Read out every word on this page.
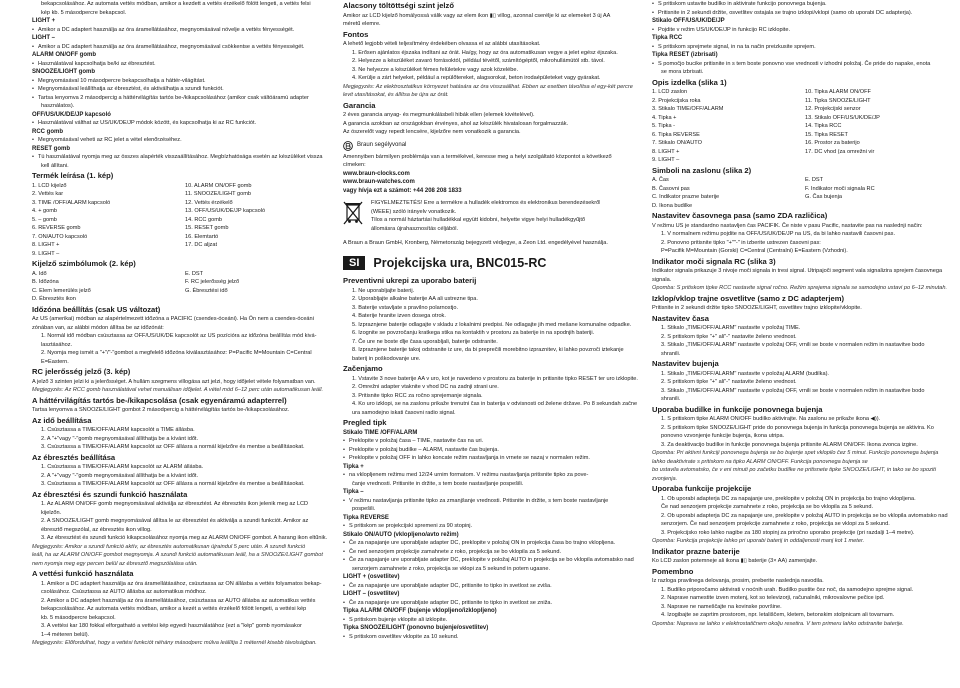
bekapcsolásához. Az automata vettés módban, amikor a kezdett a vettés érzékelő fölött lengeti, a vettés felsi
kép kb. 5 másodpercre bekapcsol.
LIGHT +
• Amikor a DC adaptert használja az óra áramellátásához, megnyomásával növelje a vettés fényességét.
LIGHT –
• Amikor a DC adaptert használja az óra áramellátásához, megnyomásával csökkentse a vettés fényességét.
ALARM ON/OFF gomb
• Használatával kapcsolhatja be/ki az ébresztést.
SNOOZE/LIGHT gomb
• Megnyomásával 10 másodpercre bekapcsolhatja a háttér-világítást.
• Megnyomásával leállíthatja az ébresztést, és aktiválhatja a szundi funkciót.
• Tartsa lenyomva 2 másodpercig a háttérvilágítás tartós be-/kikapcsolásához (amikor csak váltóáramú adapter
használatos).
OFF/US/UK/DE/JP kapcsoló
• Használatával válthat az US/UK/DE/JP módok között, és kapcsolhatja ki az RC funkciót.
RCC gomb
• Megnyomásával veheti az RC jelet a vétel elenőrzéséhez.
RESET gomb
• Tú használatával nyomja meg az összes alapérték visszaállításához. Megbízhatósága esetén az készüléket vissza
kell állítani.
Termék leírása (1. kép)
1. LCD kijelző
2. Vettés kar
3. TIME /OFF/ALARM kapcsoló
4. + gomb
5. – gomb
6. REVERSE gomb
7. ON/AUTO kapcsoló
8. LIGHT +
9. LIGHT –
10. ALARM ON/OFF gomb
11. SNOOZE/LIGHT gomb
12. Vettés érzékelő
13. OFF/US/UK/DE/JP kapcsoló
14. RCC gomb
15. RESET gomb
16. Elemtartó
17. DC aljzat
Kijelző szimbólumok (2. kép)
A. Idő
B. Időzóna
C. Elem lemerülés jelző
D. Ébresztés ikon
E. DST
F. RC jelerősség jelző
G. Ébresztési idő
Időzóna beállítás (csak US változat)
Az US (amerikai) módban az alapértelmezett időzóna a PACIFIC (csendes-óceáni). Ha Ön nem a csendes-óceáni
zónában van, az alábbi módon állítsa be az időzónát:
1. Normál idő módban csúsztassa az OFF/US/UK/DE kapcsolót az US pozícióra az időzóna beállítás mód kivá-
lasztásához.
2. Nyomja meg ismét a "+"/"-"gombot a megfelelő időzóna kiválasztásához: P=Pacific M=Mountain C=Central
E=Eastern.
RC jelerősség jelző (3. kép)
A jelző 3 szinten jelzi ki a jelerősséget. A hullám szegmens villogása azt jelzi, hogy időjelet vétele folyamatban van.
Megjegyzés: Az RCC gomb használatával vehet manuálisan időjelet. A vétel mód 6–12 perc után automatikusan leáll.
A háttérvilágítás tartós be-/kikapcsolása (csak egyenáramú adapterrel)
Tartsa lenyomva a SNOOZE/LIGHT gombot 2 másodpercig a háttérvilágítás tartós be-/kikapcsolásához.
Az idő beállítása
1. Csúsztassa a TIME/OFF/ALARM kapcsolót a TIME állásba.
2. A "+"vagy "-"gomb megnyomásával állíthatja be a kívánt időt.
3. Csúsztassa a TIME/OFF/ALARM kapcsolót az OFF állásra a normál kijelzőre és mentse a beállításokat.
Az ébresztés beállítása
1. Csúsztassa a TIME/OFF/ALARM kapcsolót az ALARM állásba.
2. A "+"vagy "-"gomb megnyomásával állíthatja be a kívánt időt.
3. Csúsztassa a TIME/OFF/ALARM kapcsolót az OFF állásra a normál kijelzőre és mentse a beállításokat.
Az ébresztési és szundi funkció használata
1. Az ALARM ON/OFF gomb megnyomásával aktiválja az ébresztést. Az ébresztés ikon jelenik meg az LCD
kijelzőn.
2. A SNOOZE/LIGHT gomb megnyomásával állítsa le az ébresztést és aktiválja a szundi funkciót. Amikor az
ébresztő megszólal, az ébresztés ikon villog.
3. Az ébresztést és szundi funkció kikapcsolásához nyomja meg az ALARM ON/OFF gombot. A harang ikon eltűnik.
Megjegyzés: Amikor a szundi funkció aktív, az ébresztés automatikusan újraindul 5 perc után. A szundi funkció
leáll, ha az ALARM ON/OFF gombot megnyomja. A szundi funkció automatikusan leáll, ha a SNOOZE/LIGHT gombot
nem nyomja meg egy percen belül az ébresztő megszólalása után.
A vettési funkció használata
1. Amikor a DC adaptert használja az óra áramellátásához, csúsztassa az ON állásba a vettés folyamatos bekap-
csolásához. Csúsztassa az AUTO állásba az automatikus módhoz.
2. Amikor a DC adaptert használja az óra áramellátásához, csúsztassa az AUTO állásba az automatikus vettés
bekapcsolásához. Az automata vettés módban, amikor a kezét a vettés érzékelő fölött lengeti, a vettési kép
kb. 5 másodpercre bekapcsol.
3. A vettési kar 180 fokkal elforgatható a vettési kép egyedi használatához (ezt a "kép" gomb nyomásakor
1–4 méteren belül).
Megjegyzés: Előfordulhat, hogy a vettési funkciót néhány másodperc múlva leállítja 1 méternél kisebb távolságban.
Alacsony töltöttségi szint jelző
Amikor az LCD kijelző homályossá válik vagy az elem ikon ▮▯ villog, azonnal cserélje ki az elemeket 3 új AA
méretű elemre.
Fontos
A lehető legjobb vételi teljesítmény érdekében olvassa el az alábbi utasításokat.
1. Erősen ajánlatos éjszaka indítani az órát. Ha/gy, hogy az óra automatikusan vegye a jelet egész éjszaka.
2. Helyezze a készüléket zavaró forrásoktól, például tévétől, számítógéptől, mikrohullámútól stb. távol.
3. Ne helyezze a készüléket fémes felületekre vagy azok közelébe.
4. Kerülje a zárt helyeket, például a repülőtereket, alagsorokat, beton irodaépületeket vagy gyárakat.
Megjegyzés: Az elektrosztatikus környezet hatására az óra visszaállhat. Ebben az esetben távolítsa el egy-két percre
levit utasításokat, és állítsa be újra az órát.
Garancia
2 éves garancia anyag- és megmunkálásbeli hibák ellen (elemek kivételével).
A garancia azokban az országokban érvényes, ahol az készülék hivatalosan forgalmazzák.
Az ószerelőt vagy repedt lencsére, kijelzőre nem vonatkozik a garancia.
Braun segélyvonal
Amennyiben bármilyen problémája van a termékével, keresse meg a helyi szolgáltató központot a következő
címeken:
www.braun-clocks.com
www.braun-watches.com
vagy hívja ezt a számot: +44 208 208 1833
FIGYELMEZTETÉS! Erre a termékre a hulladék elektromos és elektronikus berendezésekről
(WEEE) szóló irányelv vonatkozik.
Tilos a normál háztartási hulladékkal együtt kidobni, helyette vigye helyi hulladékgyűjtő
állomásra újrahasznosítás céljából.
A Braun a Braun GmbH, Kronberg, Németország bejegyzett védjegye, a Zeon Ltd. engedélyével használja.
SI	Projekcijska ura, BNC015-RC
Preventivni ukrepi za uporabo baterij
1. Ne uporabljajte baterij.
2. Uporabljajte alkalne baterije AA ali ustrezne tipa.
3. Baterije vstavljate s pravilno polarnostjo.
4. Baterije hranite izven dosega otrok.
5. Izpraznjene baterije odlagajte v skladu z lokalnimi predpisi. Ne odlagajte jih med mešane komunalne odpadke.
6. Izognite se povzročanju kratkega stika na kontaktih v prostoru za baterije in na spodnjih bateriji.
7. Če ure ne boste dlje časa uporabljali, baterije odstranite.
8. Izpraznjene baterije takoj odstranite iz ure, da bi preprečili morebitno izpraznitev, ki lahko povzroči iztekanje
baterij in poškodovanje ure.
Začenjamo
1. Vstavite 3 nove baterije AA v uro, kot je navedeno v prostoru za baterije in pritisnite tipko RESET ter uro izklopite.
2. Omrežni adapter vtaknite v vhod DC na zadnji strani ure.
3. Pritisnite tipko RCC za ročno sprejemanje signala.
4. Ko uro izklopi, se na zaslonu prikaže trenutni čas in baterija v odvisnosti od želene države. Po 8 sekundah začne
ura samodejno iskati časovni radio signal.
Pregled tipk
Stikalo TIME /OFF/ALARM
• Preklopite v položaj časa – TIME, nastavite čas na uri.
• Preklopite v položaj budilke – ALARM, nastavite čas bujenja.
• Preklopite v položaj OFF in lahko koncate režim nastavljanja in vrnete se nazaj v normalen režim.
Tipka +
• na vklopljenem režimu med 12/24 urnim formatom. V režimu nastavljanja pritisnite tipko za pove-
čanje vrednosti. Pritisnite in držite, s tem boste nastavljanje pospešili.
Tipka –
• V režimu nastavljanja pritisnite tipko za zmanjšanje vrednosti. Pritisnite in držite, s tem boste nastavljanje
pospešili.
Tipka REVERSE
• S pritiskom se projekcijski spremeni za 90 stopinj.
Stikalo ON/AUTO (vklopljeno/avto režim)
• Če za napajanje ure uporabljate adapter DC, preklopite v položaj ON in projekcija časa bo trajno vklopljena.
• Če ned senzorjem projekcije zamahnete z roko, projekcija se bo vklopila za 5 sekund.
• Če za napajanje ure uporabljate adapter DC, preklopite v položaj AUTO in projekcija se bo vklopila avtomatsko nad
senzorjem zamahnete z roko, projekcija se vklopi za 5 sekund in potem ugasne.
LIGHT + (osvetlitev)
• Če za napajanje ure uporabljate adapter DC, pritisnite to tipko in svetlost se zviša.
LIGHT – (osvetlitev)
• Če za napajanje ure uporabljate adapter DC, pritisnite to tipko in svetlost se zniža.
Tipka ALARM ON/OFF (bujenje vklopljeno/izklopljeno)
• S pritiskom bujenje vklopite ali izklopite.
Tipka SNOOZE/LIGHT (ponovno bujenje/osvetlitev)
• S pritiskom osvetlitev vklopite za 10 sekund.
• S pritiskom ustavite budilko in aktivirate funkcijo ponovnega bujenja.
• Pritisnite in 2 sekundi držite, osvetlitev ostajala se trajno izklopi/vklopi (samo ob uporabi DC adapterja).
Stikalo OFF/US/UK/DE/JP
• Pojdite v režim US/UK/DE/JP in funkcijo RC izklopite.
Tipka RCC
• S pritiskom sprejmete signal, in na ta način preizkusite sprejem.
Tipka RESET (izbrisati)
• S pomočjo bucike pritisnite in s tem boste ponovno vse vrednosti v izhodni položaj. Če pride do napake, enota
se mora izbrisati.
Opis izdelka (slika 1)
1. LCD zaslon
2. Projekcijska roka
3. Stikalo TIME/OFF/ALARM
4. Tipka +
5. Tipka -
6. Tipka REVERSE
7. Stikalo ON/AUTO
8. LIGHT +
9. LIGHT –
10. Tipka ALARM ON/OFF
11. Tipka SNOOZE/LIGHT
12. Projekcijski senzor
13. Stikalo OFF/US/UK/DE/JP
14. Tipka RCC
15. Tipka RESET
16. Prostor za baterijo
17. DC vhod (za omrežni vir
Simboli na zaslonu (slika 2)
A. Čas
B. Časovni pas
C. Indikator prazne baterije
D. Ikona budilke
E. DST
F. Indikator moči signala RC
G. Čas bujenja
Nastavitev časovnega pasa (samo ZDA različica)
V režimu US je standardno nastavljen čas PACIFIK. Če niste v pasu Pacific, nastavite pas na naslednji način:
1. V normalnem režimu pojdite na OFF/US/UK/DE/JP na US, da bi lahko nastavili časovni pas.
2. Ponovno pritisnite tipko "+""-" in izberite ustrezen časovni pas:
P=Pacifik M=Mountain (Gorski) C=Central (Centralni) E=Eastern (Vzhodni).
Indikator moči signala RC (slika 3)
Indikator signala prikazuje 3 nivoje moči signala in tresi signal. Utripajoči segment vala signalizira sprejem časovnega
signala.
Opomba: S pritiskom tipke RCC nastavite signal ročno. Režim sprejema signala se samodejno ustavi po 6–12 minutah.
Izklop/vklop trajne osvetlitve (samo z DC adapterjem)
Pritisnite in 2 sekundi držite tipko SNOOZE/LIGHT, osvetlitev trajno izklopite/vklopite.
Nastavitev časa
1. Stikalo „TIME/OFF/ALARM" nastavite v položaj TIME.
2. S pritiskom tipke "+" ali"-" nastavite želeno vrednost.
3. Stikalo „TIME/OFF/ALARM" nastavite v položaj OFF, vrnili se boste v normalen režim in nastavitve bodo
shranili.
Nastavitev bujenja
1. Stikalo „TIME/OFF/ALARM" nastavite v položaj ALARM (budilka).
2. S pritiskom tipke "+" ali"-" nastavite želeno vrednost.
3. Stikalo „TIME/OFF/ALARM" nastavite v položaj OFF, vrnili se boste v normalen režim in nastavitve bodo
shranili.
Uporaba budilke in funkcije ponovnega bujenja
1. S pritiskom tipke ALARM ON/OFF budilko aktivirajte. Na zaslonu se prikaže ikona ◀)).
2. S pritiskom tipke SNOOZE/LIGHT pride do ponovnega bujenja in funkcija ponovnega bujenja se aktivira. Ko
ponovno vzvonjenje funkcije bujenja, ikona utripa.
3. Za deaktivacijo budilke in funkcije ponovnega bujenja pritisnite ALARM ON/OFF. Ikona zvonca izgine.
Opomba: Pri aktivni funkciji ponovnega bujenja se bo bujenje spet vklopilo čez 5 minut. Funkcijo ponovnega bujenja
lahko deaktivirate s pritiskom na tipko ALARM ON/OFF. Funkcija ponovnega bujenja se
bo ustavila avtomatsko, če v eni minuti po začetku budilke ne pritisnete tipke SNOOZE/LIGHT, in tako se bo spoziti
zvonjenja.
Uporaba funkcije projekcije
1. Ob uporabi adapterja DC za napajanje ure, preklopite v položaj ON in projekcija bo trajno vklopljena.
Če nad senzorjem projekcije zamahnete z roko, projekcija se bo vklopila za 5 sekund.
2. Ob uporabi adapterja DC za napajanje ure, preklopite v položaj AUTO in projekcija se bo vklopila avtomatsko nad
senzorjem. Če nad senzorjem projekcije zamahnete z roko, projekcija se vklopi za 5 sekund.
3. Projekcijsko roko lahko nagibe za 180 stopinj za priročno uporabo projekcije (pri razdalji 1–4 metre).
Opomba: Funkcija projekcije lahko pri uporabi baterij in oddaljenosti manj kot 1 meter.
Indikator prazne baterije
Ko LCD zaslon potemneje ali ikona ▮▯ baterije (3× AA) zamenjajte.
Pomembno
Iz razloga pravilnega delovanja, prosim, preberite naslednja navodila.
1. Budilko priporočamo aktivirati v noćnih urah. Budilko pustite čez noč, da samodejno sprejme signal.
2. Naprave namestite izven motenj, kot so televizorji, računalniki, mikrovalovne pečice ipd.
3. Naprave ne nameščajte na kovinske površine.
4. Izogibajte se zaprtim prostorom, npr. letališčem, kletem, betonskim stolpnicam ali tovarnam.
Opomba: Naprava se lahko v elektrostatičnem okolju resetira. V tem primeru lahko odstranite baterije.
